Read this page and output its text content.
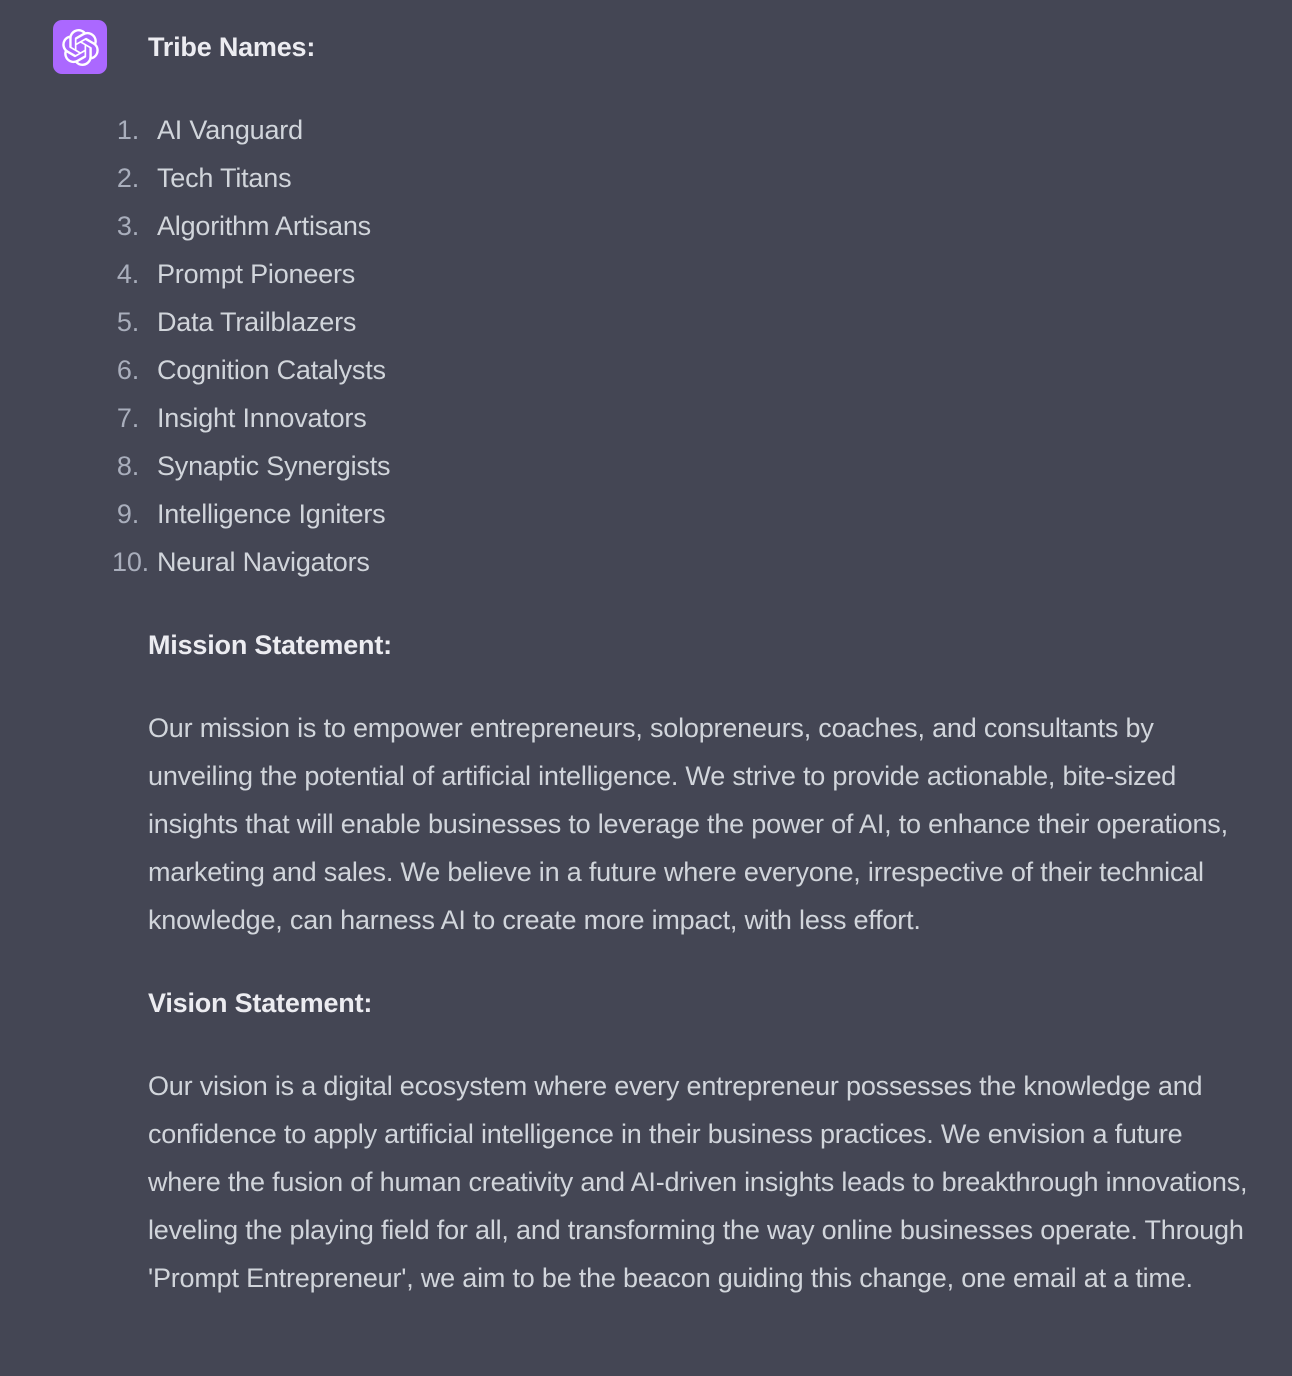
Tribe Names:

1. AI Vanguard
2. Tech Titans
3. Algorithm Artisans
4. Prompt Pioneers
5. Data Trailblazers
6. Cognition Catalysts
7. Insight Innovators
8. Synaptic Synergists
9. Intelligence Igniters
10. Neural Navigators

Mission Statement:

Our mission is to empower entrepreneurs, solopreneurs, coaches, and consultants by unveiling the potential of artificial intelligence. We strive to provide actionable, bite-sized insights that will enable businesses to leverage the power of AI, to enhance their operations, marketing and sales. We believe in a future where everyone, irrespective of their technical knowledge, can harness AI to create more impact, with less effort.

Vision Statement:

Our vision is a digital ecosystem where every entrepreneur possesses the knowledge and confidence to apply artificial intelligence in their business practices. We envision a future where the fusion of human creativity and AI-driven insights leads to breakthrough innovations, leveling the playing field for all, and transforming the way online businesses operate. Through 'Prompt Entrepreneur', we aim to be the beacon guiding this change, one email at a time.
